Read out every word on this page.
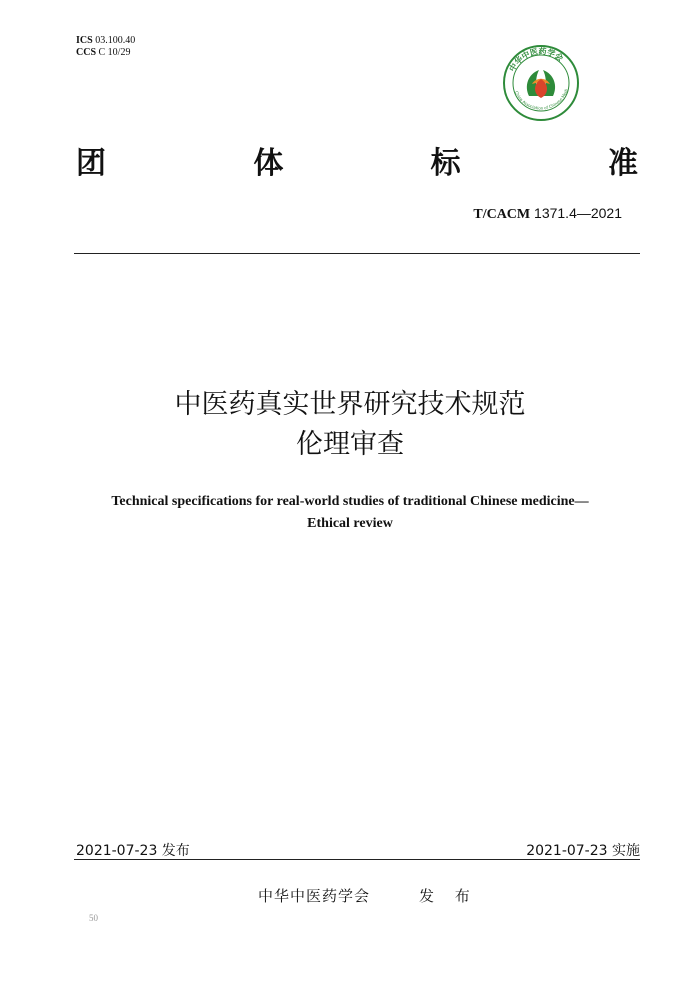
ICS 03.100.40
CCS C 10/29
中华中医药学会
China Association of Chinese Medi
团	体	标	准
T/CACM 1371.4—2021
中医药真实世界研究技术规范
伦理审查
Technical specifications for real-world studies of traditional Chinese medicine—
Ethical review
2021-07-23 发布	2021-07-23 实施
中华中医药学会	发 布
50
